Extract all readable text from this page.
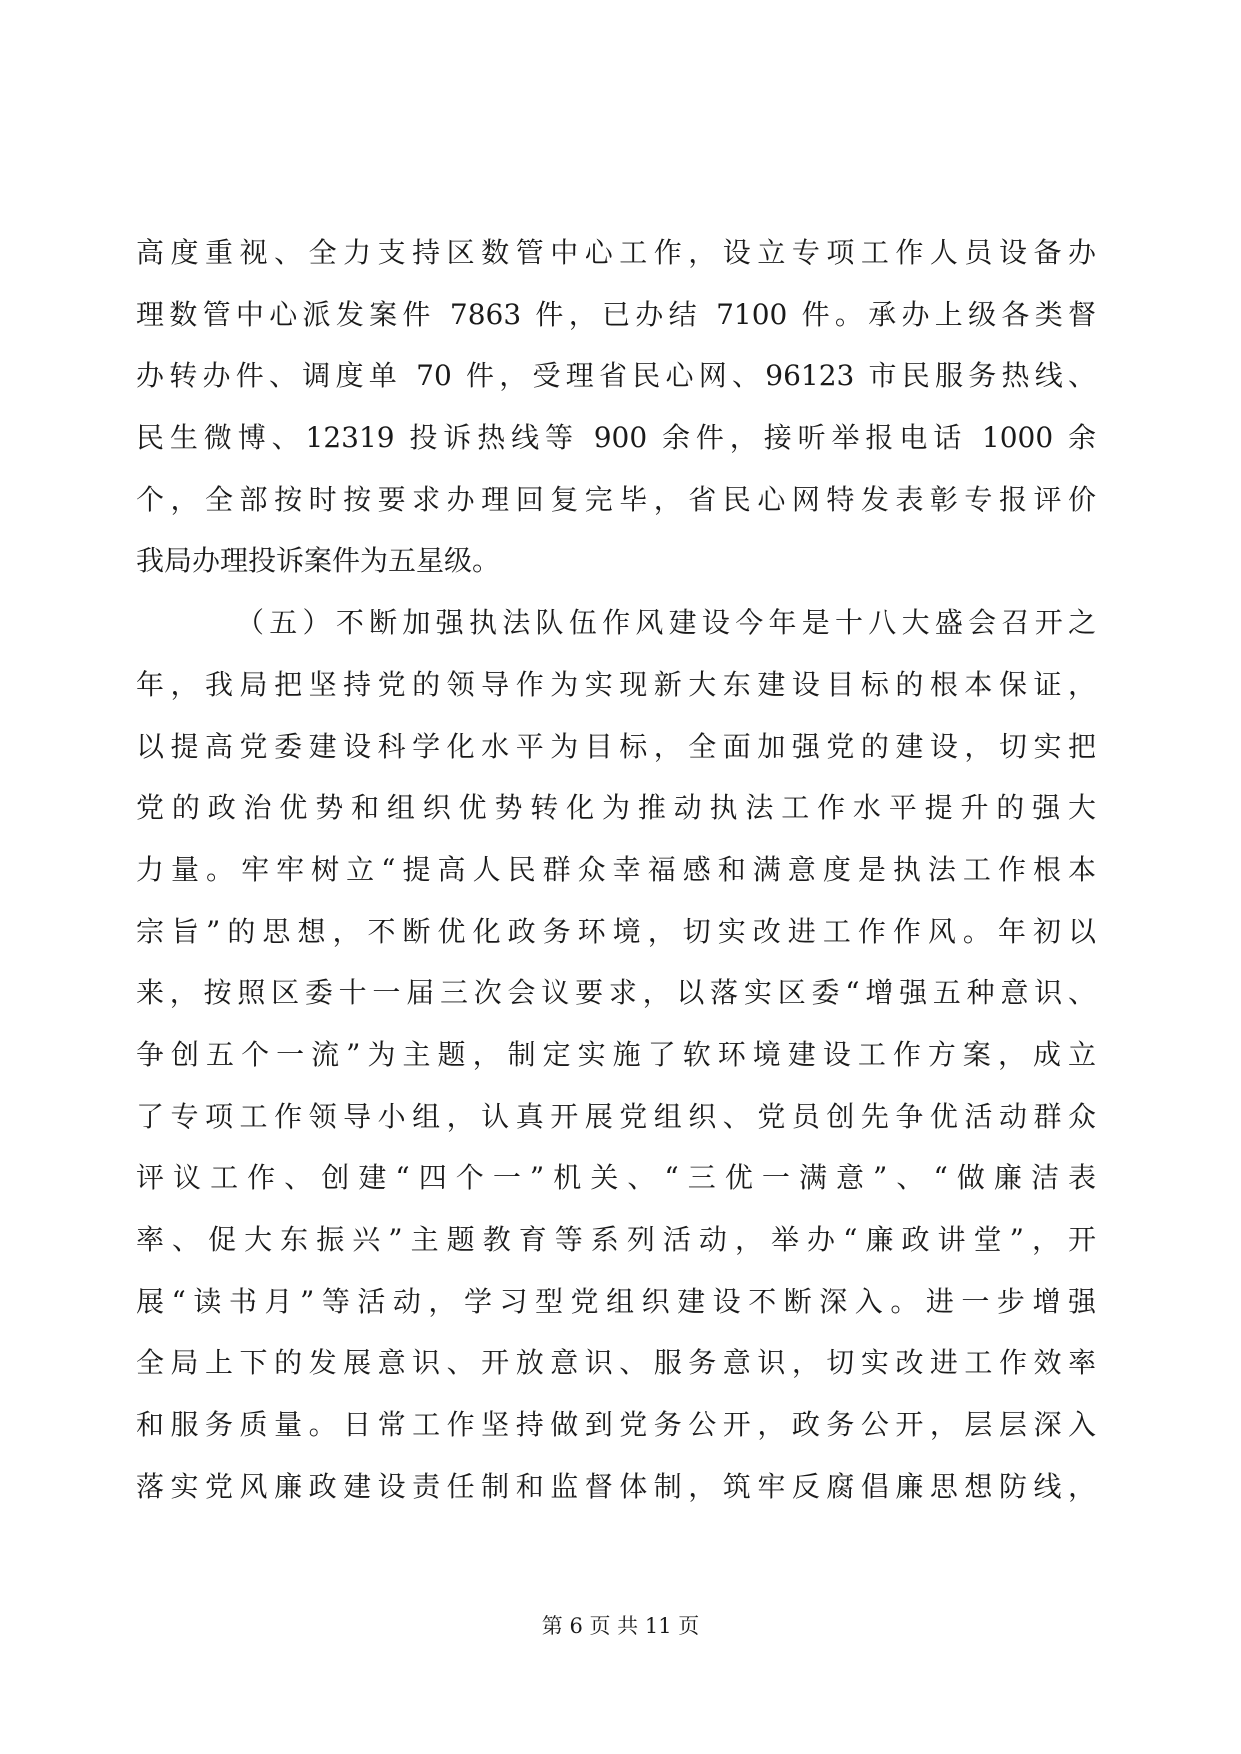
高度重视、全力支持区数管中心工作，设立专项工作人员设备办
理数管中心派发案件 7863 件，已办结 7100 件。承办上级各类督
办转办件、调度单 70 件，受理省民心网、96123 市民服务热线、
民生微博、12319 投诉热线等 900 余件，接听举报电话 1000 余
个，全部按时按要求办理回复完毕，省民心网特发表彰专报评价
我局办理投诉案件为五星级。
（五）不断加强执法队伍作风建设今年是十八大盛会召开之
年，我局把坚持党的领导作为实现新大东建设目标的根本保证，
以提高党委建设科学化水平为目标，全面加强党的建设，切实把
党的政治优势和组织优势转化为推动执法工作水平提升的强大
力量。牢牢树立“提高人民群众幸福感和满意度是执法工作根本
宗旨”的思想，不断优化政务环境，切实改进工作作风。年初以
来，按照区委十一届三次会议要求，以落实区委“增强五种意识、
争创五个一流”为主题，制定实施了软环境建设工作方案，成立
了专项工作领导小组，认真开展党组织、党员创先争优活动群众
评议工作、创建“四个一”机关、“三优一满意”、“做廉洁表
率、促大东振兴”主题教育等系列活动，举办“廉政讲堂”，开
展“读书月”等活动，学习型党组织建设不断深入。进一步增强
全局上下的发展意识、开放意识、服务意识，切实改进工作效率
和服务质量。日常工作坚持做到党务公开，政务公开，层层深入
落实党风廉政建设责任制和监督体制，筑牢反腐倡廉思想防线，
第 6 页 共 11 页
